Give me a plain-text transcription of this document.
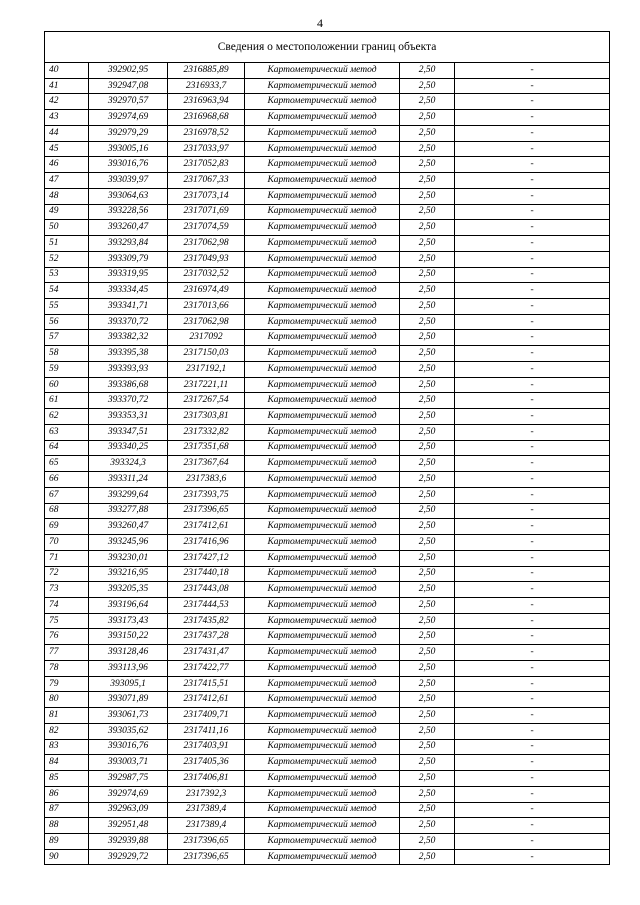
4
Сведения о местоположении границ объекта					
40	392902,95	2316885,89	Картометрический метод	2,50	-
41	392947,08	2316933,7	Картометрический метод	2,50	-
42	392970,57	2316963,94	Картометрический метод	2,50	-
43	392974,69	2316968,68	Картометрический метод	2,50	-
44	392979,29	2316978,52	Картометрический метод	2,50	-
45	393005,16	2317033,97	Картометрический метод	2,50	-
46	393016,76	2317052,83	Картометрический метод	2,50	-
47	393039,97	2317067,33	Картометрический метод	2,50	-
48	393064,63	2317073,14	Картометрический метод	2,50	-
49	393228,56	2317071,69	Картометрический метод	2,50	-
50	393260,47	2317074,59	Картометрический метод	2,50	-
51	393293,84	2317062,98	Картометрический метод	2,50	-
52	393309,79	2317049,93	Картометрический метод	2,50	-
53	393319,95	2317032,52	Картометрический метод	2,50	-
54	393334,45	2316974,49	Картометрический метод	2,50	-
55	393341,71	2317013,66	Картометрический метод	2,50	-
56	393370,72	2317062,98	Картометрический метод	2,50	-
57	393382,32	2317092	Картометрический метод	2,50	-
58	393395,38	2317150,03	Картометрический метод	2,50	-
59	393393,93	2317192,1	Картометрический метод	2,50	-
60	393386,68	2317221,11	Картометрический метод	2,50	-
61	393370,72	2317267,54	Картометрический метод	2,50	-
62	393353,31	2317303,81	Картометрический метод	2,50	-
63	393347,51	2317332,82	Картометрический метод	2,50	-
64	393340,25	2317351,68	Картометрический метод	2,50	-
65	393324,3	2317367,64	Картометрический метод	2,50	-
66	393311,24	2317383,6	Картометрический метод	2,50	-
67	393299,64	2317393,75	Картометрический метод	2,50	-
68	393277,88	2317396,65	Картометрический метод	2,50	-
69	393260,47	2317412,61	Картометрический метод	2,50	-
70	393245,96	2317416,96	Картометрический метод	2,50	-
71	393230,01	2317427,12	Картометрический метод	2,50	-
72	393216,95	2317440,18	Картометрический метод	2,50	-
73	393205,35	2317443,08	Картометрический метод	2,50	-
74	393196,64	2317444,53	Картометрический метод	2,50	-
75	393173,43	2317435,82	Картометрический метод	2,50	-
76	393150,22	2317437,28	Картометрический метод	2,50	-
77	393128,46	2317431,47	Картометрический метод	2,50	-
78	393113,96	2317422,77	Картометрический метод	2,50	-
79	393095,1	2317415,51	Картометрический метод	2,50	-
80	393071,89	2317412,61	Картометрический метод	2,50	-
81	393061,73	2317409,71	Картометрический метод	2,50	-
82	393035,62	2317411,16	Картометрический метод	2,50	-
83	393016,76	2317403,91	Картометрический метод	2,50	-
84	393003,71	2317405,36	Картометрический метод	2,50	-
85	392987,75	2317406,81	Картометрический метод	2,50	-
86	392974,69	2317392,3	Картометрический метод	2,50	-
87	392963,09	2317389,4	Картометрический метод	2,50	-
88	392951,48	2317389,4	Картометрический метод	2,50	-
89	392939,88	2317396,65	Картометрический метод	2,50	-
90	392929,72	2317396,65	Картометрический метод	2,50	-
